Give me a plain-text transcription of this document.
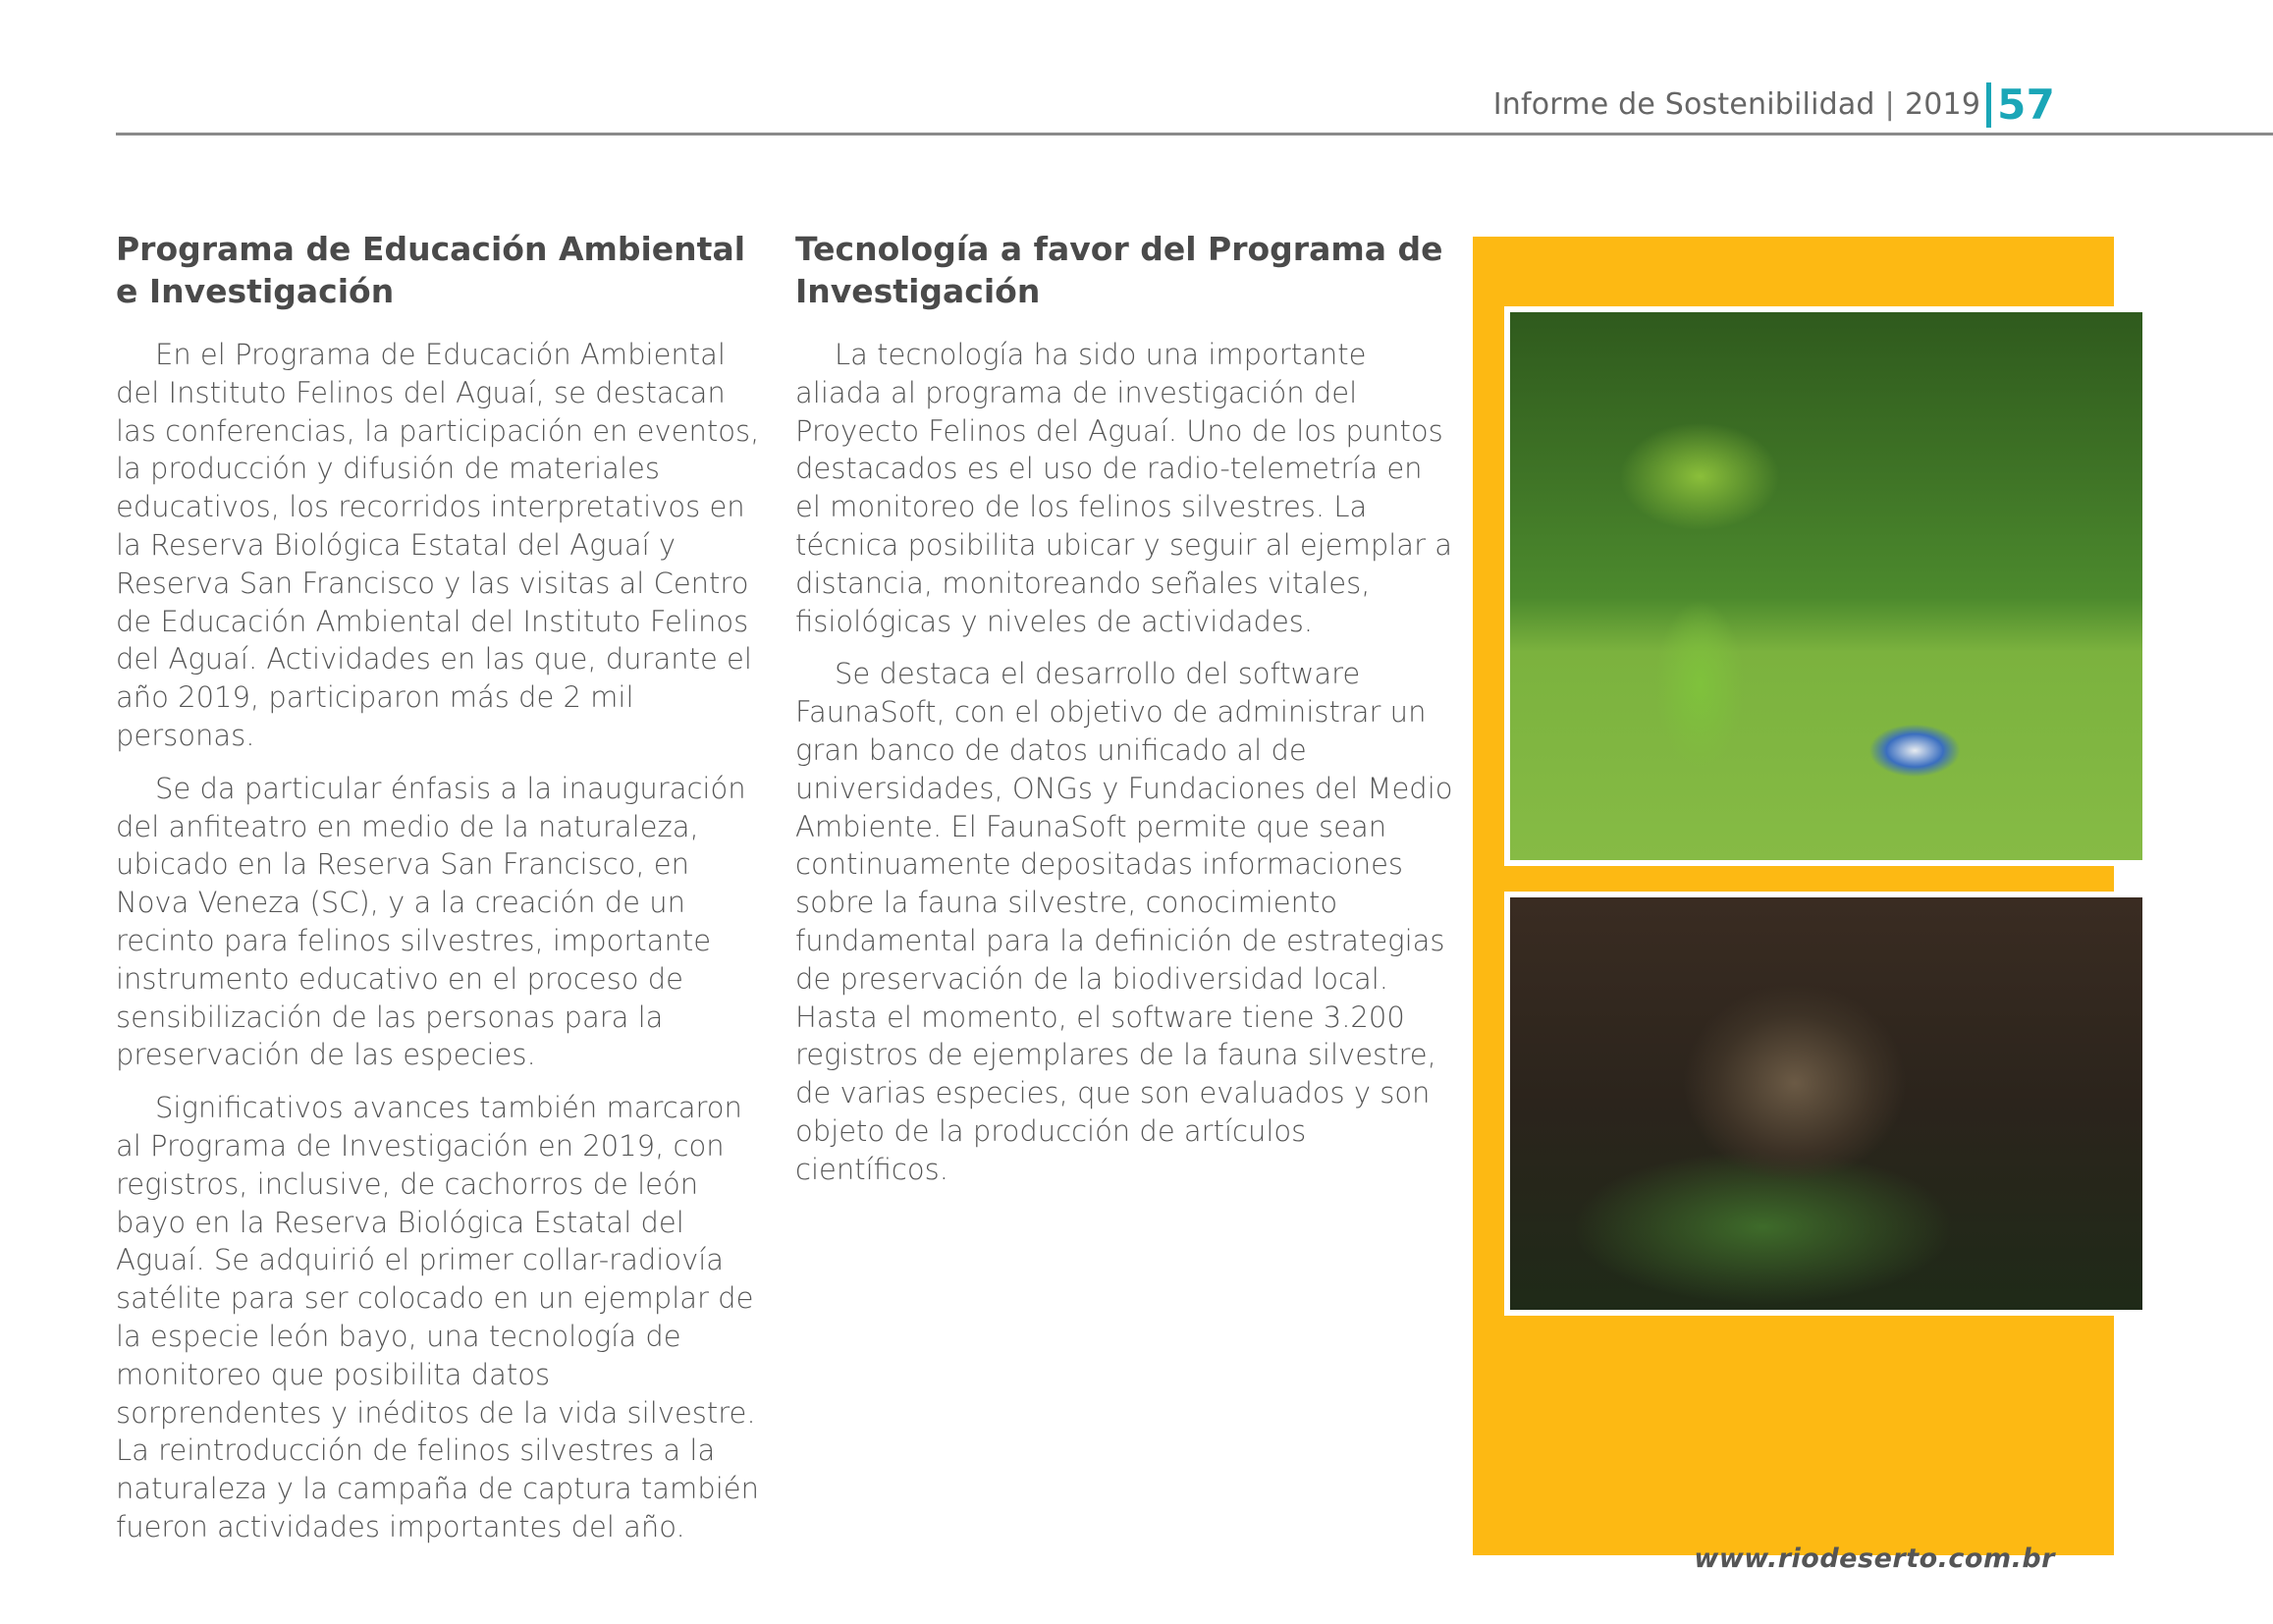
Informe de Sostenibilidad | 2019 57
Programa de Educación Ambiental e Investigación

En el Programa de Educación Ambiental del Instituto Felinos del Aguaí, se destacan las conferencias, la participación en eventos, la producción y difusión de materiales educativos, los recorridos interpretativos en la Reserva Biológica Estatal del Aguaí y Reserva San Francisco y las visitas al Centro de Educación Ambiental del Instituto Felinos del Aguaí. Actividades en las que, durante el año 2019, participaron más de 2 mil personas.

Se da particular énfasis a la inauguración del anfiteatro en medio de la naturaleza, ubicado en la Reserva San Francisco, en Nova Veneza (SC), y a la creación de un recinto para felinos silvestres, importante instrumento educativo en el proceso de sensibilización de las personas para la preservación de las especies.

Significativos avances también marcaron al Programa de Investigación en 2019, con registros, inclusive, de cachorros de león bayo en la Reserva Biológica Estatal del Aguaí. Se adquirió el primer collar-radiovía satélite para ser colocado en un ejemplar de la especie león bayo, una tecnología de monitoreo que posibilita datos sorprendentes y inéditos de la vida silvestre. La reintroducción de felinos silvestres a la naturaleza y la campaña de captura también fueron actividades importantes del año.

Tecnología a favor del Programa de Investigación

La tecnología ha sido una importante aliada al programa de investigación del Proyecto Felinos del Aguaí. Uno de los puntos destacados es el uso de radio-telemetría en el monitoreo de los felinos silvestres. La técnica posibilita ubicar y seguir al ejemplar a distancia, monitoreando señales vitales, fisiológicas y niveles de actividades.

Se destaca el desarrollo del software FaunaSoft, con el objetivo de administrar un gran banco de datos unificado al de universidades, ONGs y Fundaciones del Medio Ambiente. El FaunaSoft permite que sean continuamente depositadas informaciones sobre la fauna silvestre, conocimiento fundamental para la definición de estrategias de preservación de la biodiversidad local. Hasta el momento, el software tiene 3.200 registros de ejemplares de la fauna silvestre, de varias especies, que son evaluados y son objeto de la producción de artículos científicos.

www.riodeserto.com.br
